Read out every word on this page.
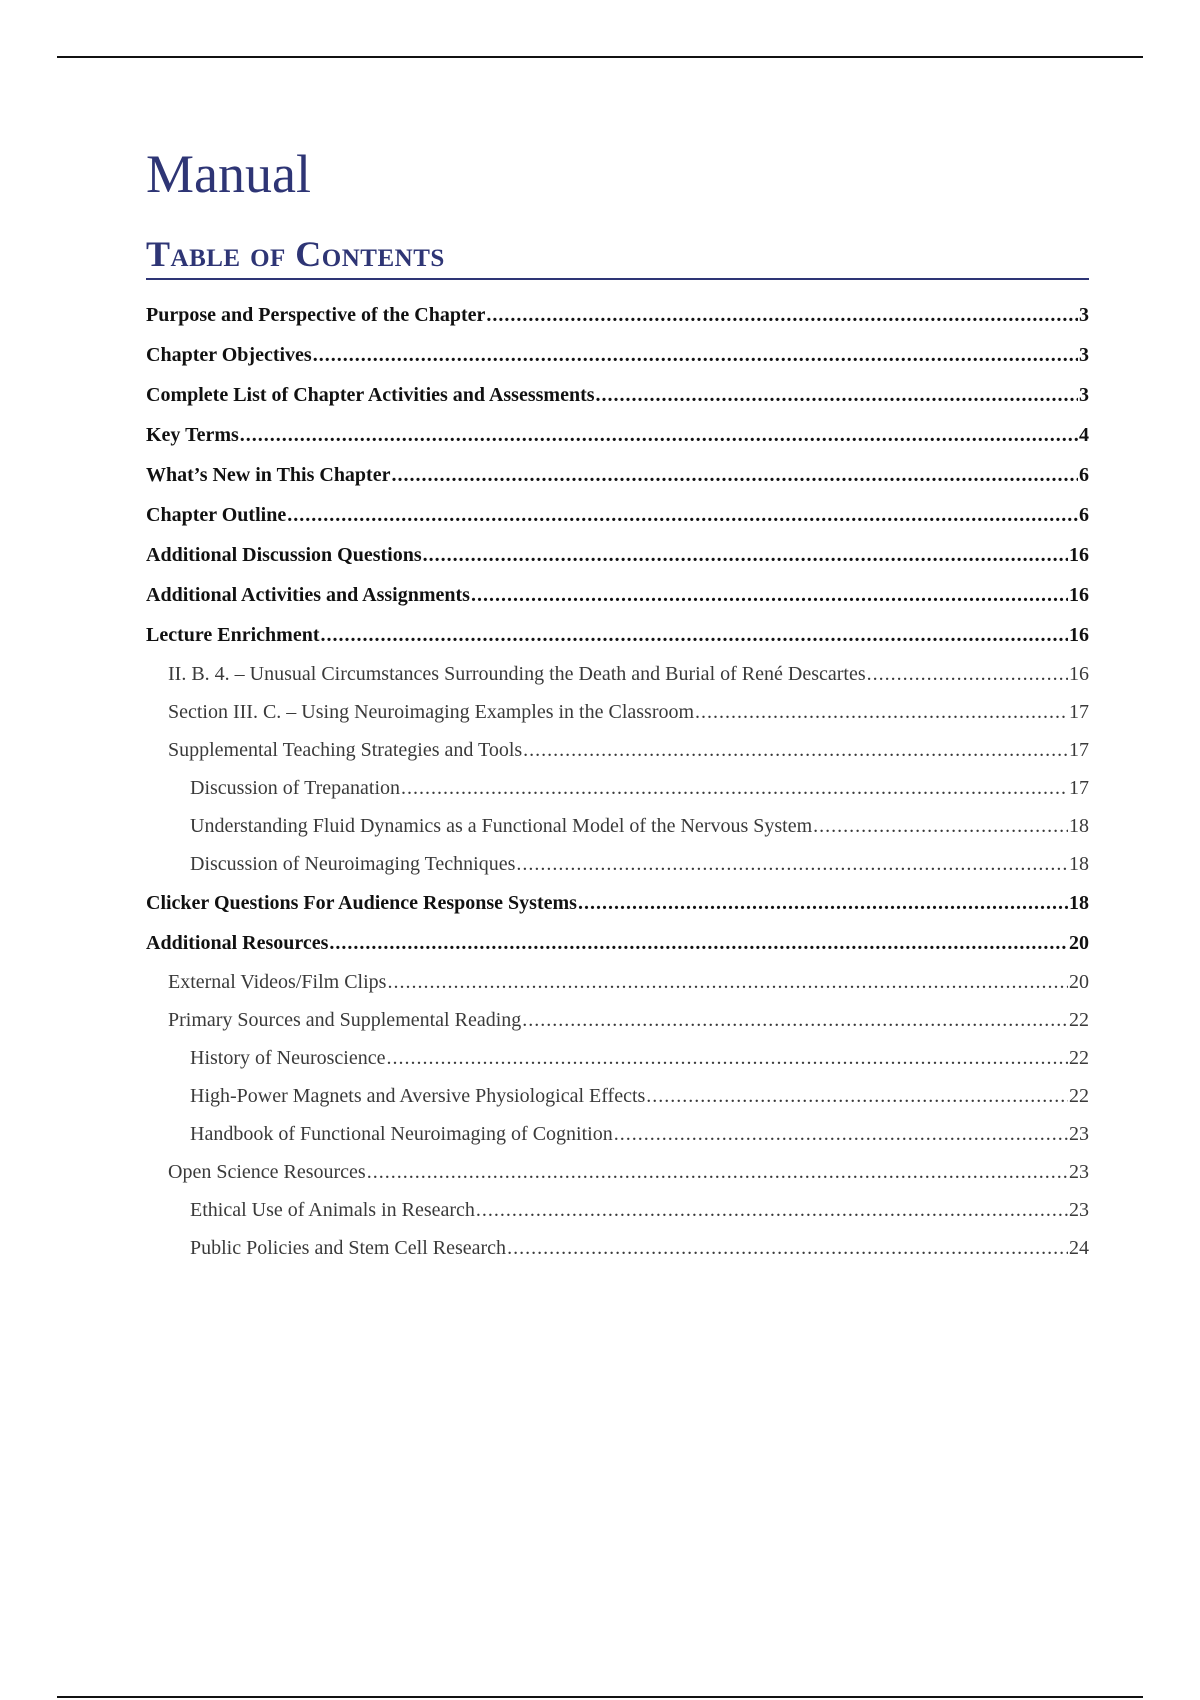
Manual
Table of Contents
Purpose and Perspective of the Chapter .....	3
Chapter Objectives .....	3
Complete List of Chapter Activities and Assessments .....	3
Key Terms .....	4
What’s New in This Chapter .....	6
Chapter Outline .....	6
Additional Discussion Questions .....	16
Additional Activities and Assignments .....	16
Lecture Enrichment .....	16
II. B. 4. – Unusual Circumstances Surrounding the Death and Burial of René Descartes .....	16
Section III. C. – Using Neuroimaging Examples in the Classroom .....	17
Supplemental Teaching Strategies and Tools .....	17
Discussion of Trepanation .....	17
Understanding Fluid Dynamics as a Functional Model of the Nervous System .....	18
Discussion of Neuroimaging Techniques .....	18
Clicker Questions For Audience Response Systems .....	18
Additional Resources .....	20
External Videos/Film Clips .....	20
Primary Sources and Supplemental Reading .....	22
History of Neuroscience .....	22
High-Power Magnets and Aversive Physiological Effects .....	22
Handbook of Functional Neuroimaging of Cognition .....	23
Open Science Resources .....	23
Ethical Use of Animals in Research .....	23
Public Policies and Stem Cell Research .....	24
